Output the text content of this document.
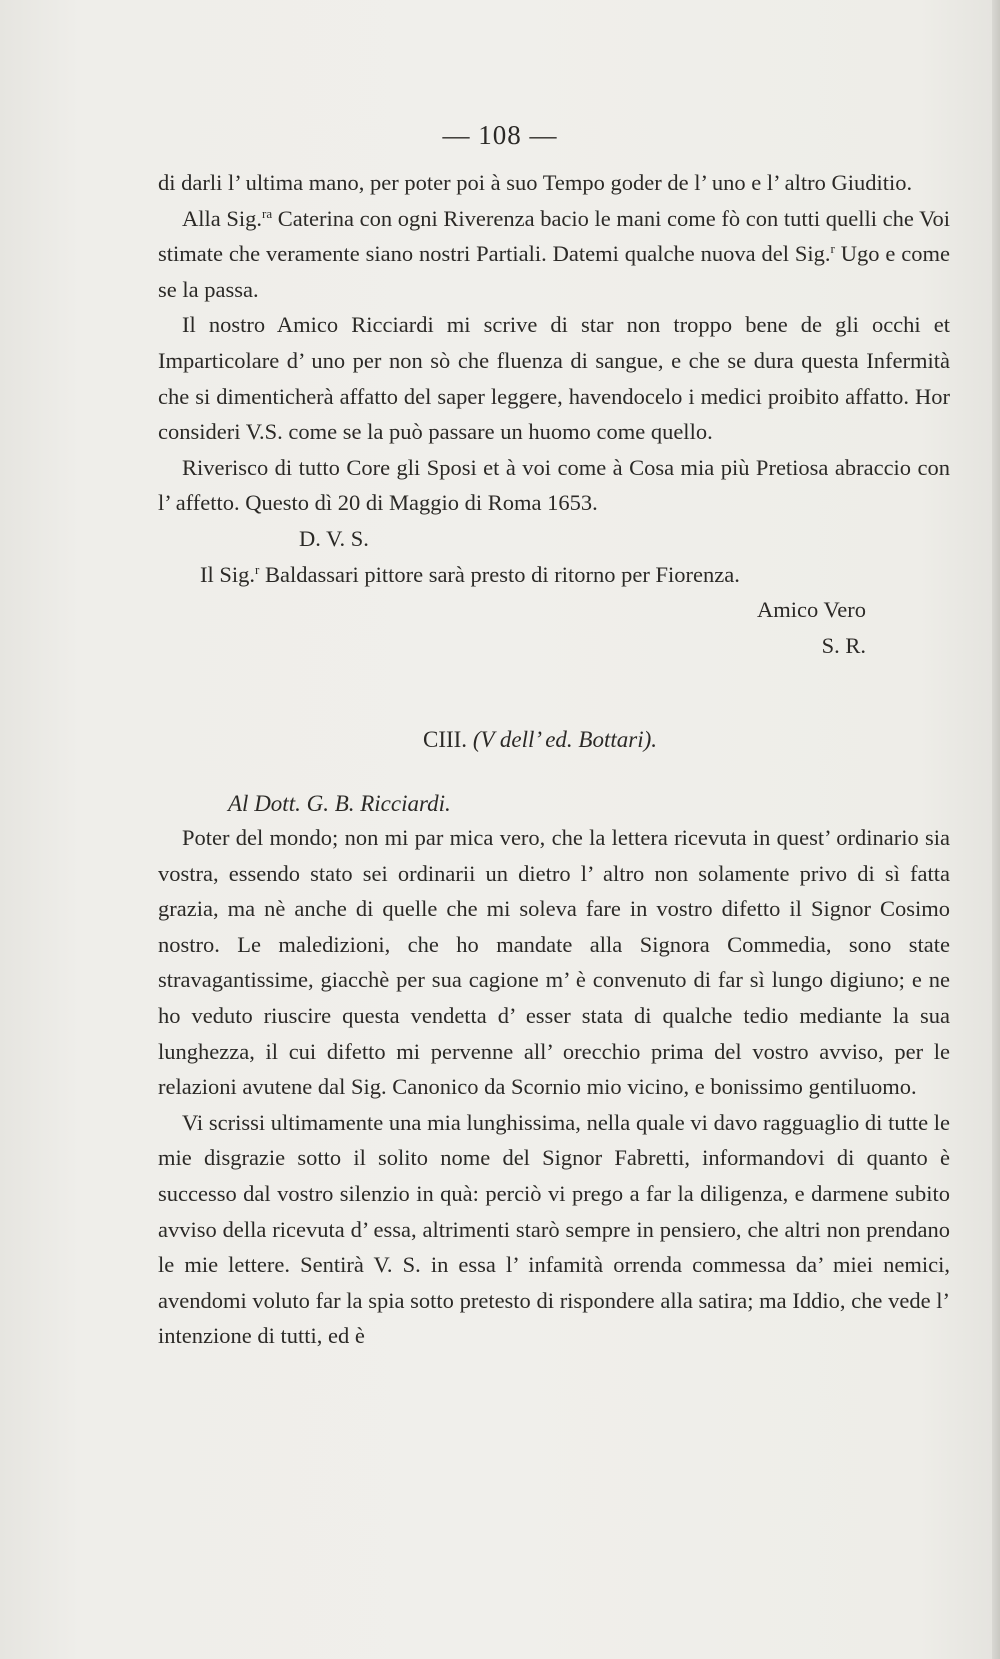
— 108 —

di darli l’ ultima mano, per poter poi à suo Tempo goder de l’ uno e l’ altro Giuditio.

Alla Sig.$^{ra}$ Caterina con ogni Riverenza bacio le mani come fò con tutti quelli che Voi stimate che veramente siano nostri Partiali. Datemi qualche nuova del Sig.$^r$ Ugo e come se la passa.

Il nostro Amico Ricciardi mi scrive di star non troppo bene de gli occhi et Imparticolare d’ uno per non sò che fluenza di sangue, e che se dura questa Infermità che si dimenticherà affatto del saper leggere, havendocelo i medici proibito affatto. Hor consideri V.S. come se la può passare un huomo come quello.

Riverisco di tutto Core gli Sposi et à voi come à Cosa mia più Pretiosa abraccio con l’ affetto. Questo dì 20 di Maggio di Roma 1653.

D. V. S.
Il Sig.$^r$ Baldassari pittore sarà presto di ritorno per Fiorenza.
Amico Vero
S. R.
CIII. (V dell’ ed. Bottari).
Al Dott. G. B. Ricciardi.

Poter del mondo; non mi par mica vero, che la lettera ricevuta in quest’ ordinario sia vostra, essendo stato sei ordinarii un dietro l’ altro non solamente privo di sì fatta grazia, ma nè anche di quelle che mi soleva fare in vostro difetto il Signor Cosimo nostro. Le maledizioni, che ho mandate alla Signora Commedia, sono state stravagantissime, giacchè per sua cagione m’ è convenuto di far sì lungo digiuno; e ne ho veduto riuscire questa vendetta d’ esser stata di qualche tedio mediante la sua lunghezza, il cui difetto mi pervenne all’ orecchio prima del vostro avviso, per le relazioni avutene dal Sig. Canonico da Scornio mio vicino, e bonissimo gentiluomo.

Vi scrissi ultimamente una mia lunghissima, nella quale vi davo ragguaglio di tutte le mie disgrazie sotto il solito nome del Signor Fabretti, informandovi di quanto è successo dal vostro silenzio in quà: perciò vi prego a far la diligenza, e darmene subito avviso della ricevuta d’ essa, altrimenti starò sempre in pensiero, che altri non prendano le mie lettere. Sentirà V. S. in essa l’ infamità orrenda commessa da’ miei nemici, avendomi voluto far la spia sotto pretesto di rispondere alla satira; ma Iddio, che vede l’ intenzione di tutti, ed è
